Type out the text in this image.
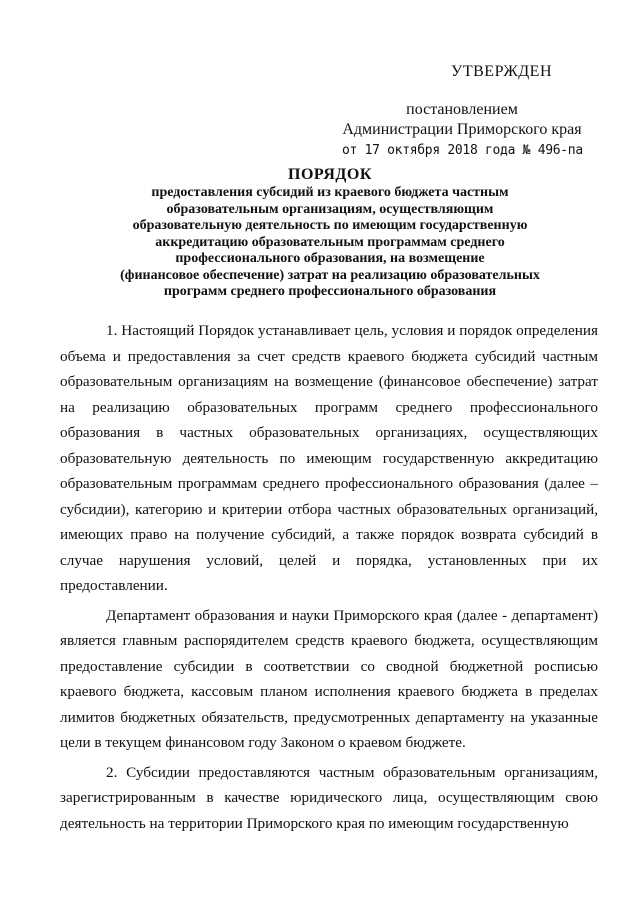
УТВЕРЖДЕН
постановлением
Администрации Приморского края
от 17 октября 2018 года № 496-па
ПОРЯДОК
предоставления субсидий из краевого бюджета частным
образовательным организациям, осуществляющим
образовательную деятельность по имеющим государственную
аккредитацию образовательным программам среднего
профессионального образования, на возмещение
(финансовое обеспечение) затрат на реализацию образовательных
программ среднего профессионального образования

1. Настоящий Порядок устанавливает цель, условия и порядок определения объема и предоставления за счет средств краевого бюджета субсидий частным образовательным организациям на возмещение (финансовое обеспечение) затрат на реализацию образовательных программ среднего профессионального образования в частных образовательных организациях, осуществляющих образовательную деятельность по имеющим государственную аккредитацию образовательным программам среднего профессионального образования (далее – субсидии), категорию и критерии отбора частных образовательных организаций, имеющих право на получение субсидий, а также порядок возврата субсидий в случае нарушения условий, целей и порядка, установленных при их предоставлении.

Департамент образования и науки Приморского края (далее - департамент) является главным распорядителем средств краевого бюджета, осуществляющим предоставление субсидии в соответствии со сводной бюджетной росписью краевого бюджета, кассовым планом исполнения краевого бюджета в пределах лимитов бюджетных обязательств, предусмотренных департаменту на указанные цели в текущем финансовом году Законом о краевом бюджете.

2. Субсидии предоставляются частным образовательным организациям, зарегистрированным в качестве юридического лица, осуществляющим свою деятельность на территории Приморского края по имеющим государственную
